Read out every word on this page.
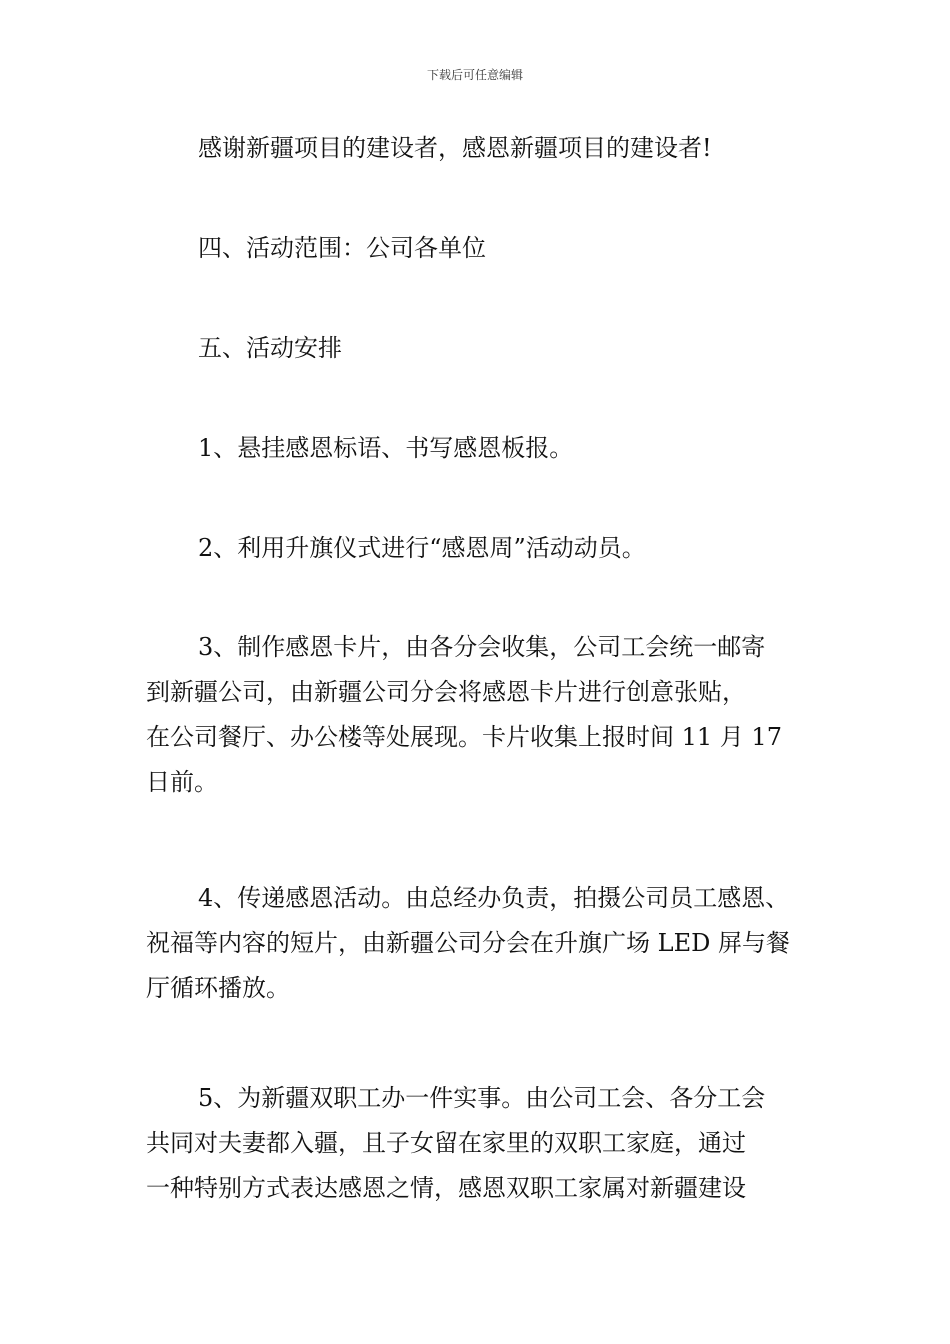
下载后可任意编辑
感谢新疆项目的建设者，感恩新疆项目的建设者!
四、活动范围：公司各单位
五、活动安排
1、悬挂感恩标语、书写感恩板报。
2、利用升旗仪式进行“感恩周”活动动员。
3、制作感恩卡片，由各分会收集，公司工会统一邮寄
到新疆公司，由新疆公司分会将感恩卡片进行创意张贴，
在公司餐厅、办公楼等处展现。卡片收集上报时间 11 月 17
日前。
4、传递感恩活动。由总经办负责，拍摄公司员工感恩、
祝福等内容的短片，由新疆公司分会在升旗广场 LED 屏与餐
厅循环播放。
5、为新疆双职工办一件实事。由公司工会、各分工会
共同对夫妻都入疆，且子女留在家里的双职工家庭，通过
一种特别方式表达感恩之情，感恩双职工家属对新疆建设
